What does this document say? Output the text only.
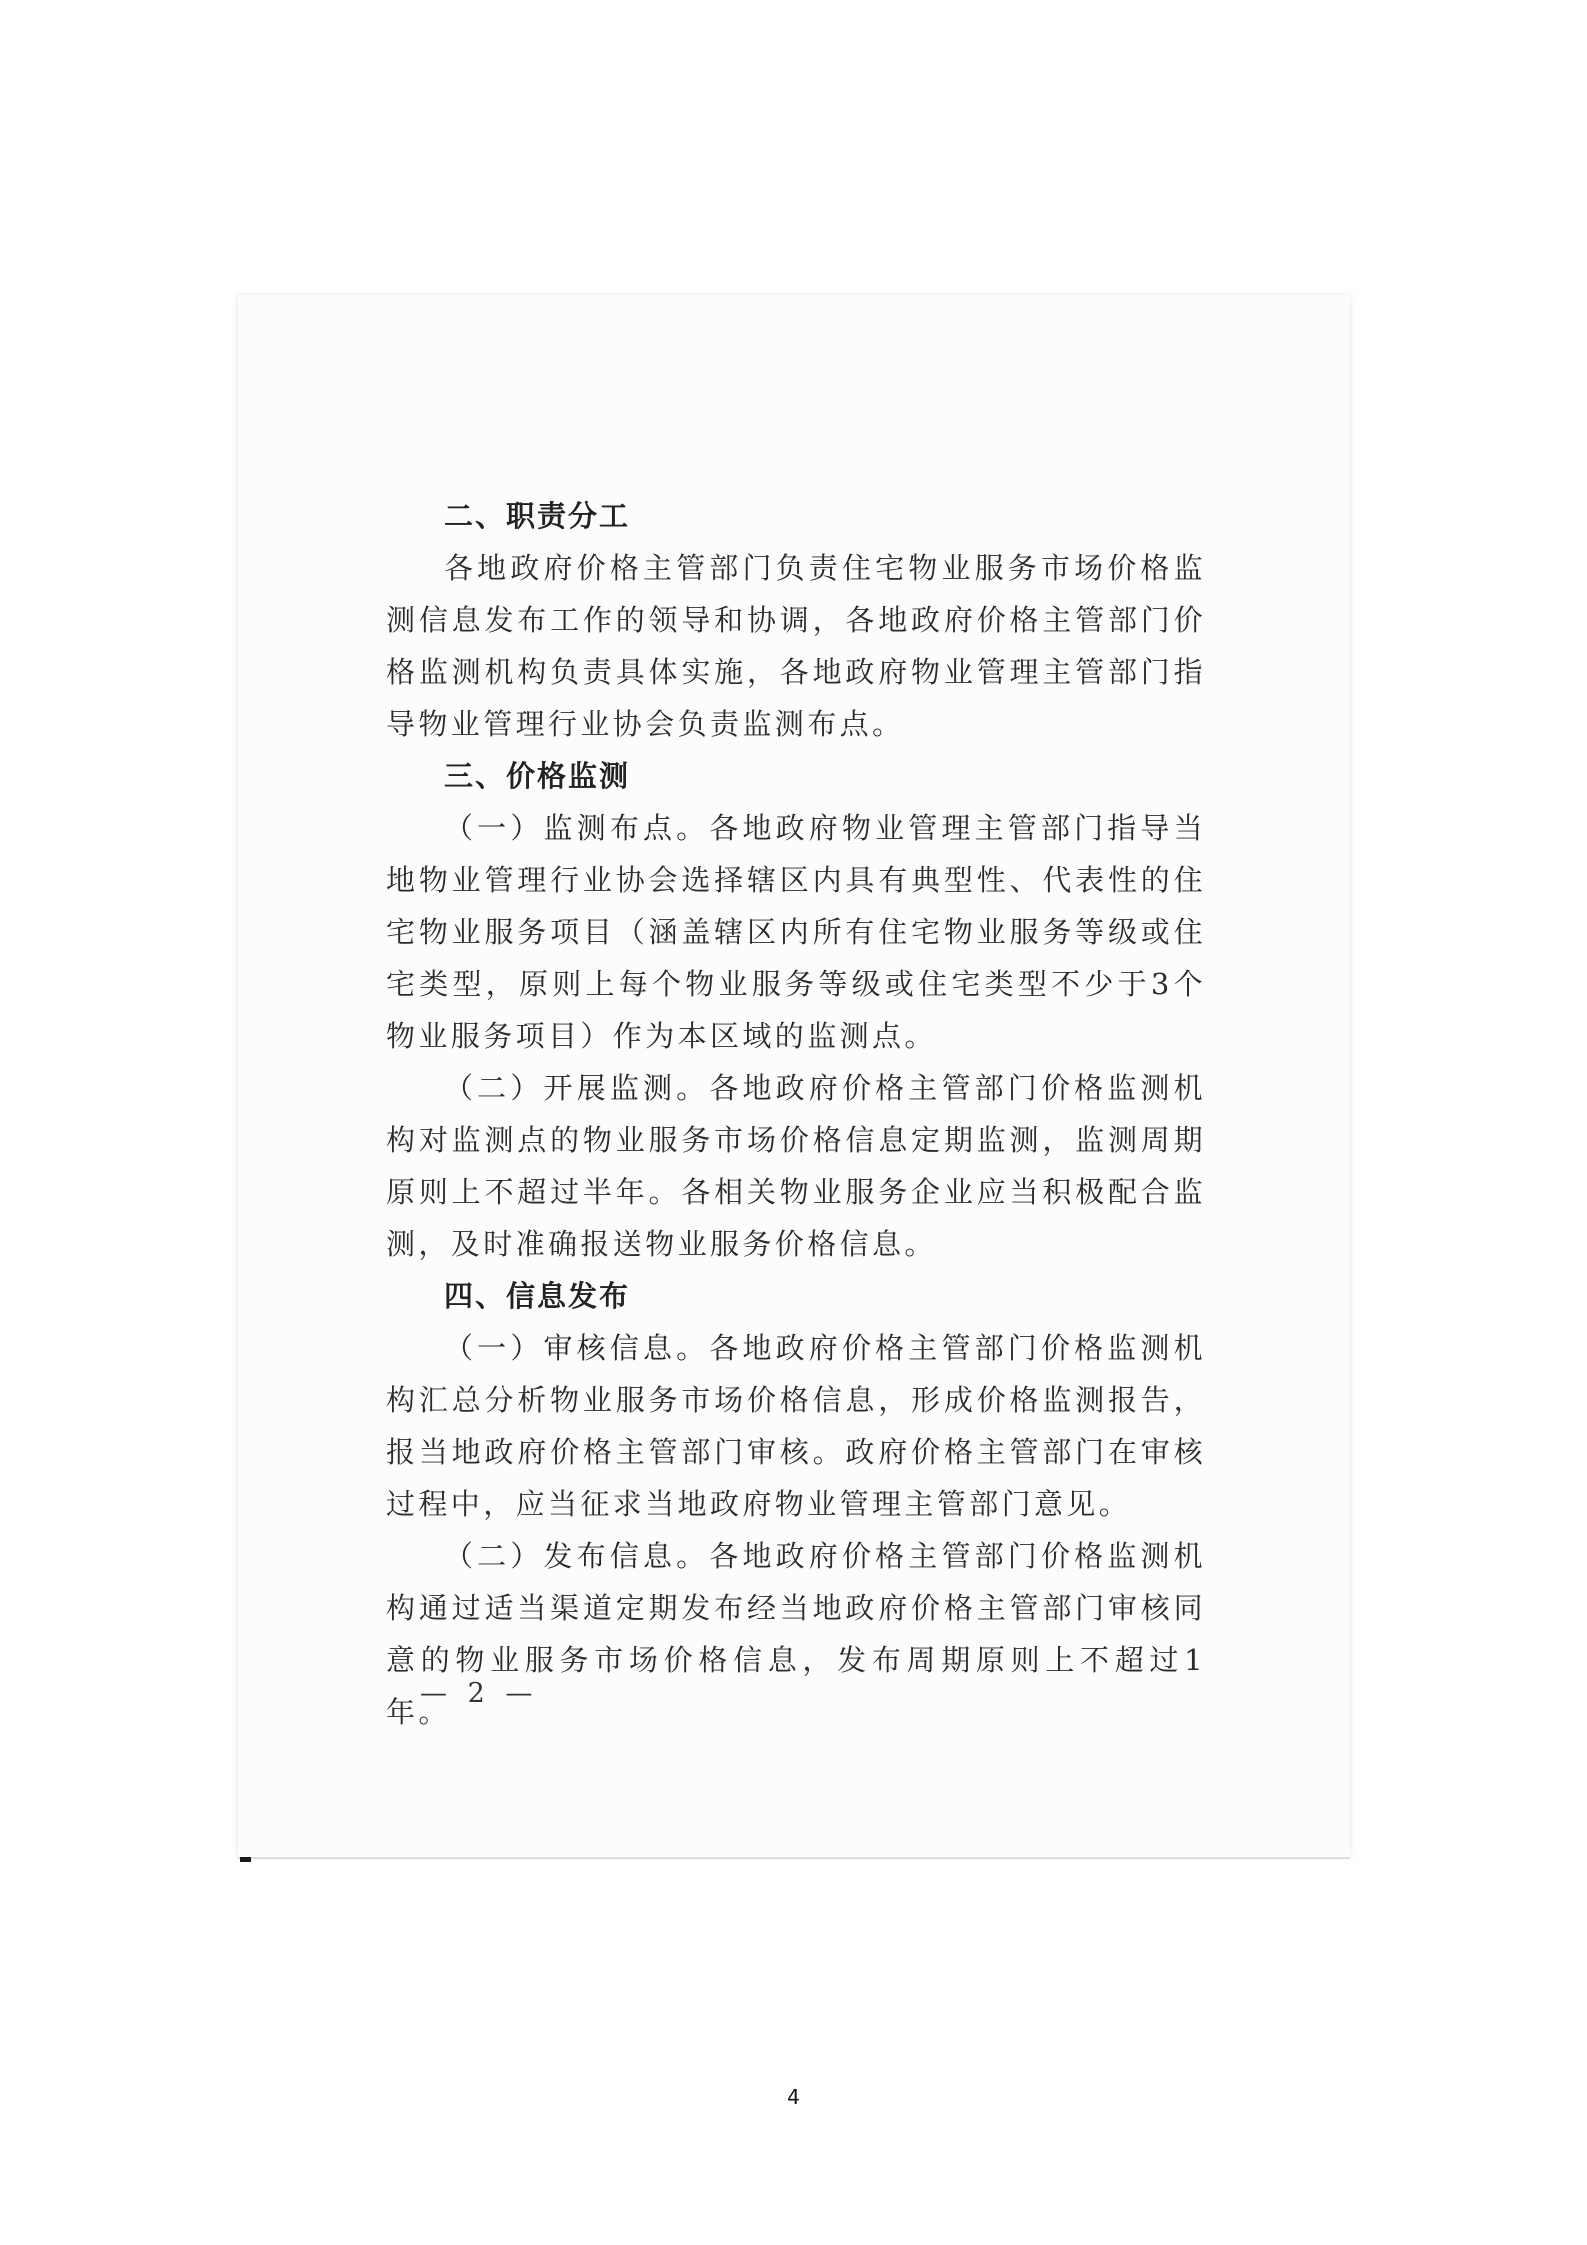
二、职责分工

各地政府价格主管部门负责住宅物业服务市场价格监测信息发布工作的领导和协调，各地政府价格主管部门价格监测机构负责具体实施，各地政府物业管理主管部门指导物业管理行业协会负责监测布点。

三、价格监测

（一）监测布点。各地政府物业管理主管部门指导当地物业管理行业协会选择辖区内具有典型性、代表性的住宅物业服务项目（涵盖辖区内所有住宅物业服务等级或住宅类型，原则上每个物业服务等级或住宅类型不少于3个物业服务项目）作为本区域的监测点。

（二）开展监测。各地政府价格主管部门价格监测机构对监测点的物业服务市场价格信息定期监测，监测周期原则上不超过半年。各相关物业服务企业应当积极配合监测，及时准确报送物业服务价格信息。

四、信息发布

（一）审核信息。各地政府价格主管部门价格监测机构汇总分析物业服务市场价格信息，形成价格监测报告，报当地政府价格主管部门审核。政府价格主管部门在审核过程中，应当征求当地政府物业管理主管部门意见。

（二）发布信息。各地政府价格主管部门价格监测机构通过适当渠道定期发布经当地政府价格主管部门审核同意的物业服务市场价格信息，发布周期原则上不超过1年。

— 2 —
4
